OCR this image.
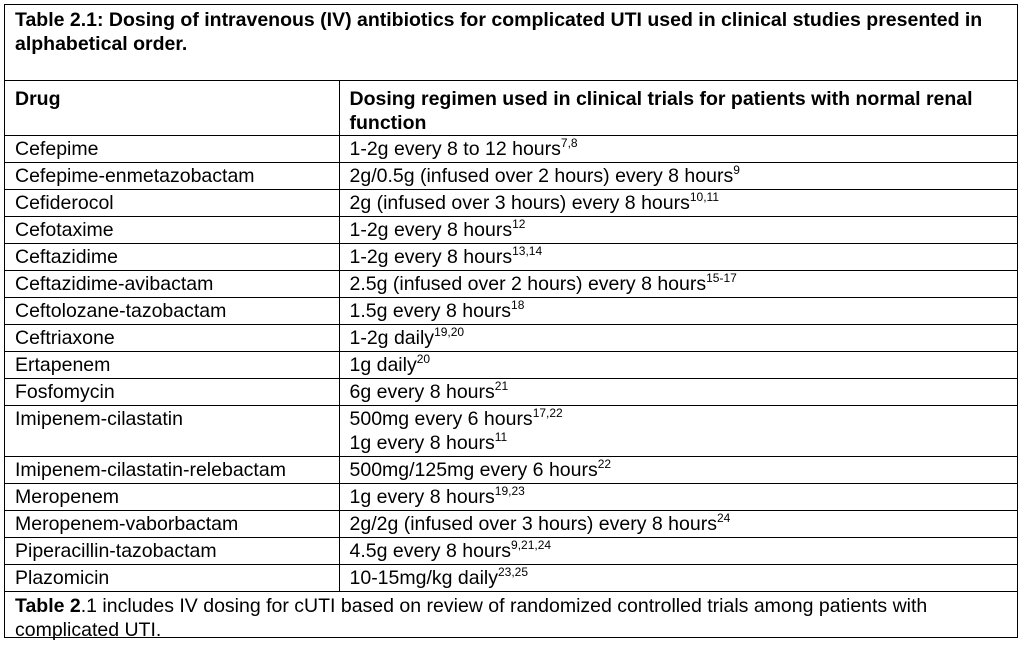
Table 2.1: Dosing of intravenous (IV) antibiotics for complicated UTI used in clinical studies presented in alphabetical order.
Drug	Dosing regimen used in clinical trials for patients with normal renal function
Cefepime	1-2g every 8 to 12 hours$^{7,8}$

Cefepime-enmetazobactam	2g/0.5g (infused over 2 hours) every 8 hours$^9$

Cefiderocol	2g (infused over 3 hours) every 8 hours$^{10,11}$

Cefotaxime	1-2g every 8 hours$^{12}$

Ceftazidime	1-2g every 8 hours$^{13,14}$

Ceftazidime-avibactam	2.5g (infused over 2 hours) every 8 hours$^{15-17}$

Ceftolozane-tazobactam	1.5g every 8 hours$^{18}$

Ceftriaxone	1-2g daily$^{19,20}$

Ertapenem	1g daily$^{20}$

Fosfomycin	6g every 8 hours$^{21}$

Imipenem-cilastatin	500mg every 6 hours$^{17,22}$
1g every 8 hours$^{11}$

Imipenem-cilastatin-relebactam	500mg/125mg every 6 hours$^{22}$

Meropenem	1g every 8 hours$^{19,23}$

Meropenem-vaborbactam	2g/2g (infused over 3 hours) every 8 hours$^{24}$

Piperacillin-tazobactam	4.5g every 8 hours$^{9,21,24}$

Plazomicin	10-15mg/kg daily$^{23,25}$
Table 2.1 includes IV dosing for cUTI based on review of randomized controlled trials among patients with complicated UTI.
